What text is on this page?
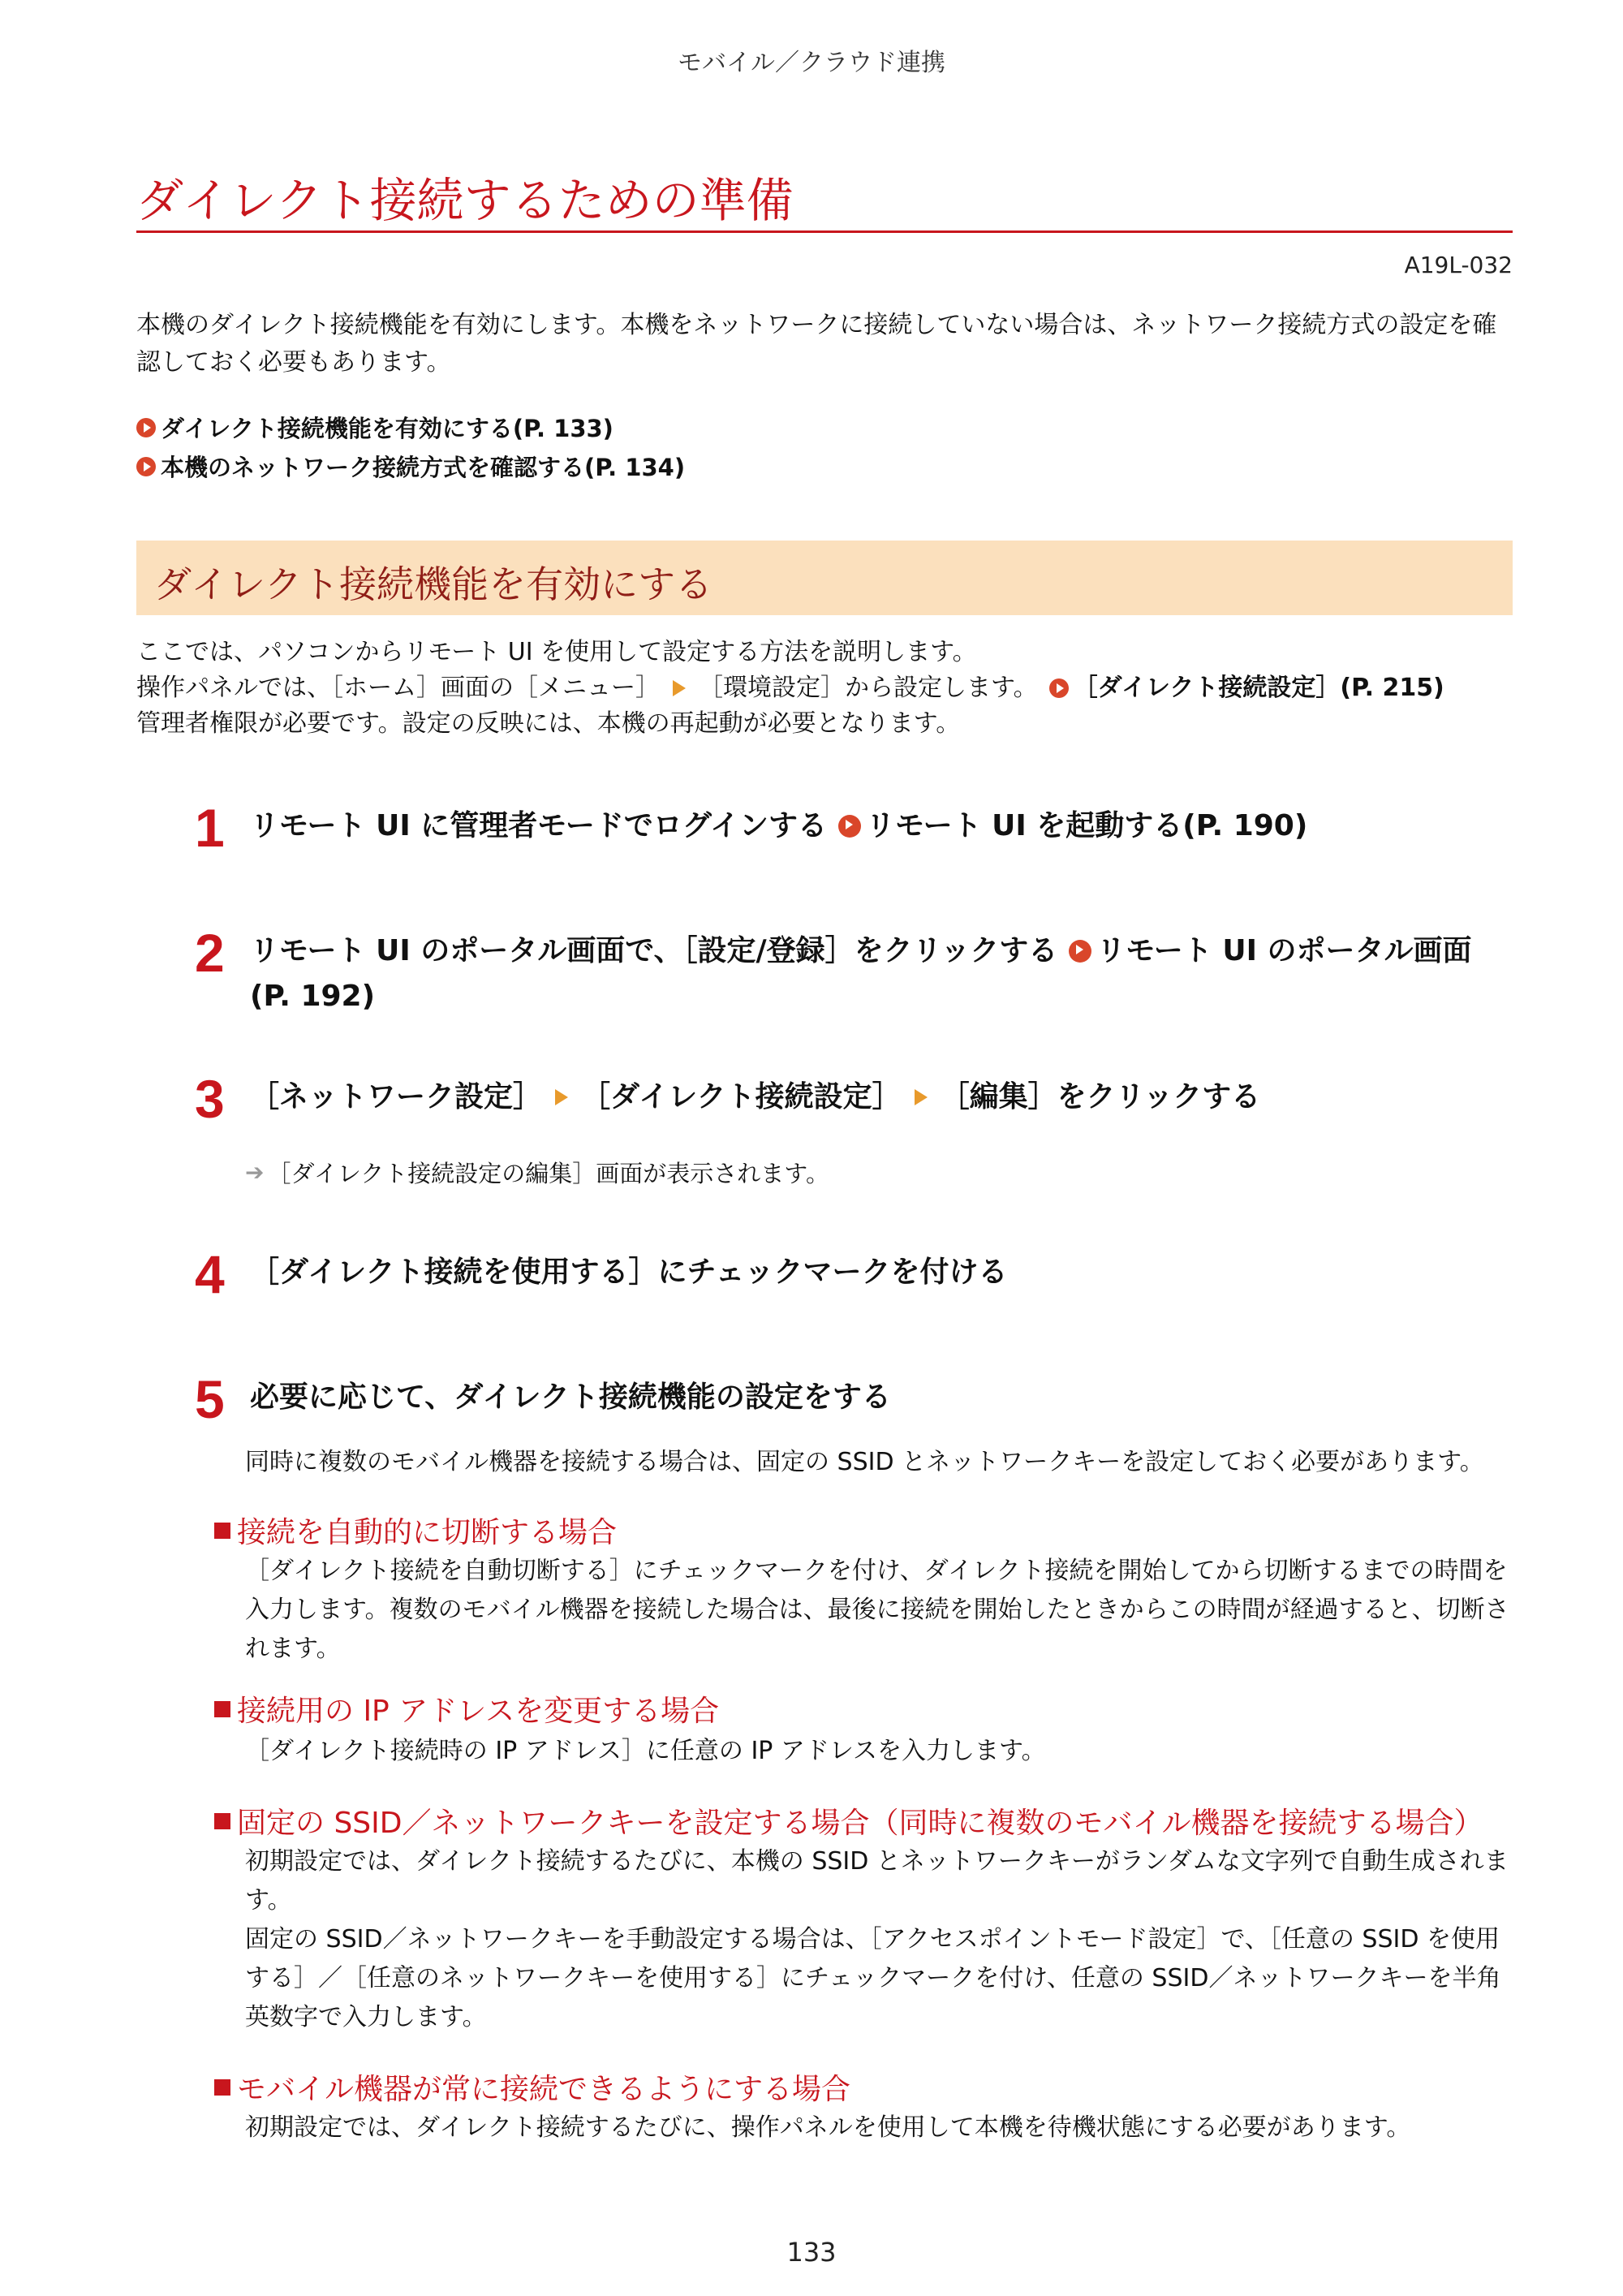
モバイル／クラウド連携
ダイレクト接続するための準備
A19L-032
本機のダイレクト接続機能を有効にします。本機をネットワークに接続していない場合は、ネットワーク接続方式の設定を確認しておく必要もあります。
ダイレクト接続機能を有効にする(P. 133)
本機のネットワーク接続方式を確認する(P. 134)
ダイレクト接続機能を有効にする
ここでは、パソコンからリモート UI を使用して設定する方法を説明します。
操作パネルでは、［ホーム］画面の［メニュー］ ［環境設定］から設定します。 ［ダイレクト接続設定］(P. 215)
管理者権限が必要です。設定の反映には、本機の再起動が必要となります。
1 リモート UI に管理者モードでログインする リモート UI を起動する(P. 190)
2 リモート UI のポータル画面で、［設定/登録］をクリックする リモート UI のポータル画面
(P. 192)
3 ［ネットワーク設定］ ［ダイレクト接続設定］ ［編集］をクリックする
➔ ［ダイレクト接続設定の編集］画面が表示されます。
4 ［ダイレクト接続を使用する］にチェックマークを付ける
5 必要に応じて、ダイレクト接続機能の設定をする
同時に複数のモバイル機器を接続する場合は、固定の SSID とネットワークキーを設定しておく必要があります。
接続を自動的に切断する場合
［ダイレクト接続を自動切断する］にチェックマークを付け、ダイレクト接続を開始してから切断するまでの時間を入力します。複数のモバイル機器を接続した場合は、最後に接続を開始したときからこの時間が経過すると、切断されます。
接続用の IP アドレスを変更する場合
［ダイレクト接続時の IP アドレス］に任意の IP アドレスを入力します。
固定の SSID／ネットワークキーを設定する場合（同時に複数のモバイル機器を接続する場合）
初期設定では、ダイレクト接続するたびに、本機の SSID とネットワークキーがランダムな文字列で自動生成されます。
固定の SSID／ネットワークキーを手動設定する場合は、［アクセスポイントモード設定］で、［任意の SSID を使用する］／［任意のネットワークキーを使用する］にチェックマークを付け、任意の SSID／ネットワークキーを半角英数字で入力します。
モバイル機器が常に接続できるようにする場合
初期設定では、ダイレクト接続するたびに、操作パネルを使用して本機を待機状態にする必要があります。
133
